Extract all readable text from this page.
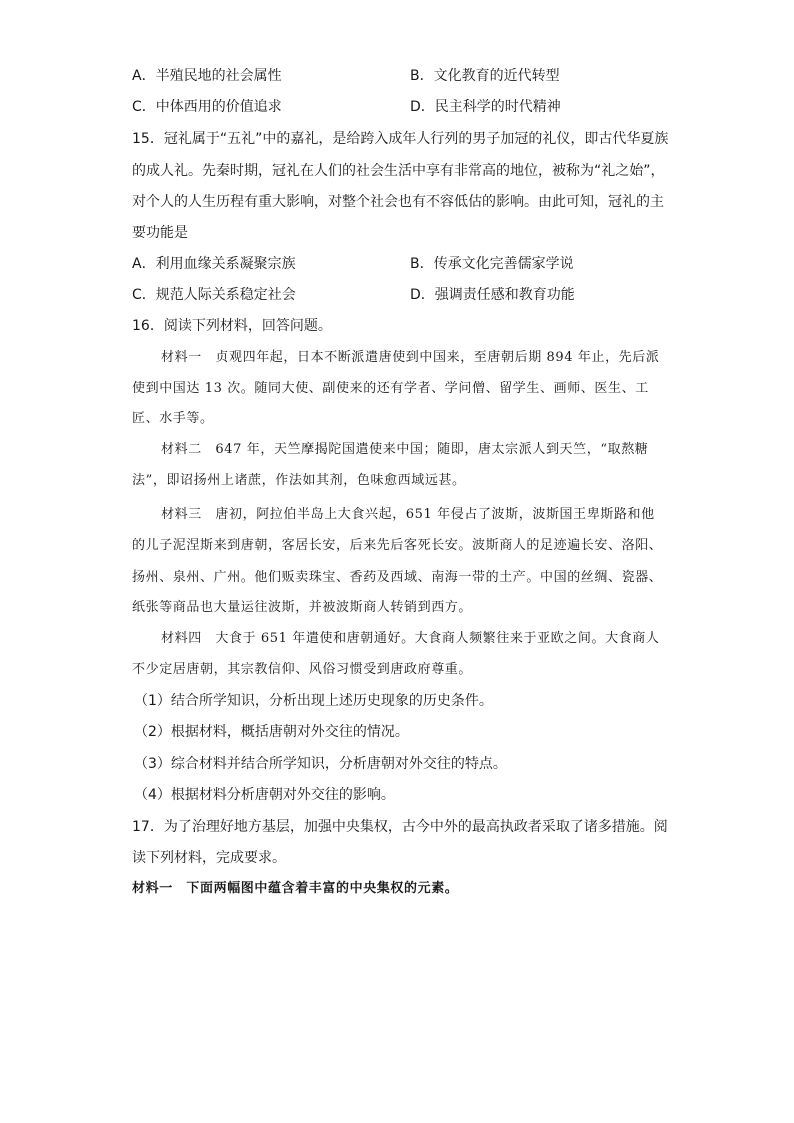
A．半殖民地的社会属性	B．文化教育的近代转型
C．中体西用的价值追求	D．民主科学的时代精神
15．冠礼属于“五礼”中的嘉礼，是给跨入成年人行列的男子加冠的礼仪，即古代华夏族
的成人礼。先秦时期，冠礼在人们的社会生活中享有非常高的地位，被称为“礼之始”，
对个人的人生历程有重大影响，对整个社会也有不容低估的影响。由此可知，冠礼的主
要功能是
A．利用血缘关系凝聚宗族	B．传承文化完善儒家学说
C．规范人际关系稳定社会	D．强调责任感和教育功能
16．阅读下列材料，回答问题。
材料一　贞观四年起，日本不断派遣唐使到中国来，至唐朝后期 894 年止，先后派
使到中国达 13 次。随同大使、副使来的还有学者、学问僧、留学生、画师、医生、工
匠、水手等。
材料二　647 年，天竺摩揭陀国遣使来中国；随即，唐太宗派人到天竺，“取熬糖
法”，即诏扬州上诸蔗，作法如其剂，色味愈西域远甚。
材料三　唐初，阿拉伯半岛上大食兴起，651 年侵占了波斯，波斯国王卑斯路和他
的儿子泥涅斯来到唐朝，客居长安，后来先后客死长安。波斯商人的足迹遍长安、洛阳、
扬州、泉州、广州。他们贩卖珠宝、香药及西域、南海一带的土产。中国的丝绸、瓷器、
纸张等商品也大量运往波斯，并被波斯商人转销到西方。
材料四　大食于 651 年遣使和唐朝通好。大食商人频繁往来于亚欧之间。大食商人
不少定居唐朝，其宗教信仰、风俗习惯受到唐政府尊重。
（1）结合所学知识，分析出现上述历史现象的历史条件。
（2）根据材料，概括唐朝对外交往的情况。
（3）综合材料并结合所学知识，分析唐朝对外交往的特点。
（4）根据材料分析唐朝对外交往的影响。
17．为了治理好地方基层，加强中央集权，古今中外的最高执政者采取了诸多措施。阅
读下列材料，完成要求。
材料一　下面两幅图中蕴含着丰富的中央集权的元素。
